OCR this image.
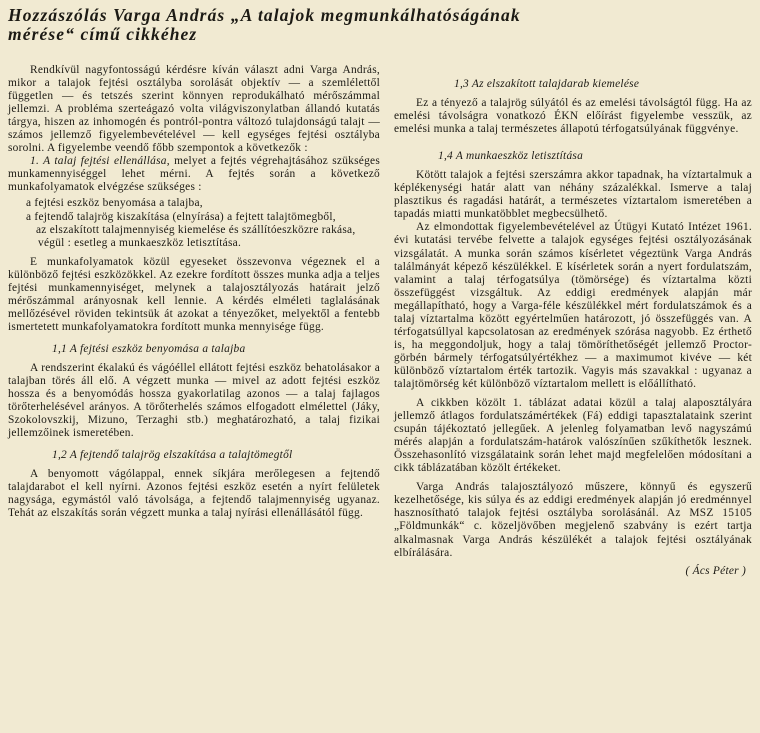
Hozzászólás Varga András „A talajok megmunkálhatóságának
mérése“ című cikkéhez

Rendkívül nagyfontosságú kérdésre kíván választ adni Varga András, mikor a talajok fejtési osztályba sorolását objektív — a szemlélettől független — és tetszés szerint könnyen reprodukálható mérőszámmal jellemzi. A probléma szerteágazó volta világviszonylatban állandó kutatás tárgya, hiszen az inhomogén és pontról-pontra változó tulajdonságú talajt — számos jellemző figyelembevételével — kell egységes fejtési osztályba sorolni. A figyelembe veendő főbb szempontok a következők :

1. A talaj fejtési ellenállása, melyet a fejtés végrehajtásához szükséges munkamennyiséggel lehet mérni. A fejtés során a következő munkafolyamatok elvégzése szükséges :

a fejtési eszköz benyomása a talajba,

a fejtendő talajrög kiszakítása (elnyírása) a fejtett talajtömegből,

az elszakított talajmennyiség kiemelése és szállítóeszközre rakása,

végül : esetleg a munkaeszköz letisztítása.

E munkafolyamatok közül egyeseket összevonva végeznek el a különböző fejtési eszközökkel. Az ezekre fordított összes munka adja a teljes fejtési munkamennyiséget, melynek a talajosztályozás határait jelző mérőszámmal arányosnak kell lennie. A kérdés elméleti taglalásának mellőzésével röviden tekintsük át azokat a tényezőket, melyektől a fentebb ismertetett munkafolyamatokra fordított munka mennyisége függ.

1,1 A fejtési eszköz benyomása a talajba

A rendszerint ékalakú és vágóéllel ellátott fejtési eszköz behatolásakor a talajban törés áll elő. A végzett munka — mivel az adott fejtési eszköz hossza és a benyomódás hossza gyakorlatilag azonos — a talaj fajlagos törőterhelésével arányos. A törőterhelés számos elfogadott elmélettel (Jáky, Szokolovszkij, Mizuno, Terzaghi stb.) meghatározható, a talaj fizikai jellemzőinek ismeretében.

1,2 A fejtendő talajrög elszakítása a talajtömegtől

A benyomott vágólappal, ennek síkjára merőlegesen a fejtendő talajdarabot el kell nyírni. Azonos fejtési eszköz esetén a nyírt felületek nagysága, egymástól való távolsága, a fejtendő talajmennyiség ugyanaz. Tehát az elszakítás során végzett munka a talaj nyírási ellenállásától függ.

1,3 Az elszakított talajdarab kiemelése

Ez a tényező a talajrög súlyától és az emelési távolságtól függ. Ha az emelési távolságra vonatkozó ÉKN előírást figyelembe vesszük, az emelési munka a talaj természetes állapotú térfogatsúlyának függvénye.

1,4 A munkaeszköz letisztítása

Kötött talajok a fejtési szerszámra akkor tapadnak, ha víztartalmuk a képlékenységi határ alatt van néhány százalékkal. Ismerve a talaj plasztikus és ragadási határát, a természetes víztartalom ismeretében a tapadás miatti munkatöbblet megbecsülhető.

Az elmondottak figyelembevételével az Útügyi Kutató Intézet 1961. évi kutatási tervébe felvette a talajok egységes fejtési osztályozásának vizsgálatát. A munka során számos kísérletet végeztünk Varga András találmányát képező készülékkel. E kísérletek során a nyert fordulatszám, valamint a talaj térfogatsúlya (tömörsége) és víztartalma közti összefüggést vizsgáltuk. Az eddigi eredmények alapján már megállapítható, hogy a Varga-féle készülékkel mért fordulatszámok és a talaj víztartalma között egyértelműen határozott, jó összefüggés van. A térfogatsúllyal kapcsolatosan az eredmények szórása nagyobb. Ez érthető is, ha meggondoljuk, hogy a talaj tömöríthetőségét jellemző Proctor-görbén bármely térfogatsúlyértékhez — a maximumot kivéve — két különböző víztartalom érték tartozik. Vagyis más szavakkal : ugyanaz a talajtömörség két különböző víztartalom mellett is előállítható.

A cikkben közölt 1. táblázat adatai közül a talaj alaposztályára jellemző átlagos fordulatszámértékek (Fá) eddigi tapasztalataink szerint csupán tájékoztató jellegűek. A jelenleg folyamatban levő nagyszámú mérés alapján a fordulatszám-határok valószínűen szűkíthetők lesznek. Összehasonlító vizsgálataink során lehet majd megfelelően módosítani a cikk táblázatában közölt értékeket.

Varga András talajosztályozó műszere, könnyű és egyszerű kezelhetősége, kis súlya és az eddigi eredmények alapján jó eredménnyel hasznosítható talajok fejtési osztályba sorolásánál. Az MSZ 15105 „Földmunkák“ c. közeljövőben megjelenő szabvány is ezért tartja alkalmasnak Varga András készülékét a talajok fejtési osztályának elbírálására.

( Ács Péter )
